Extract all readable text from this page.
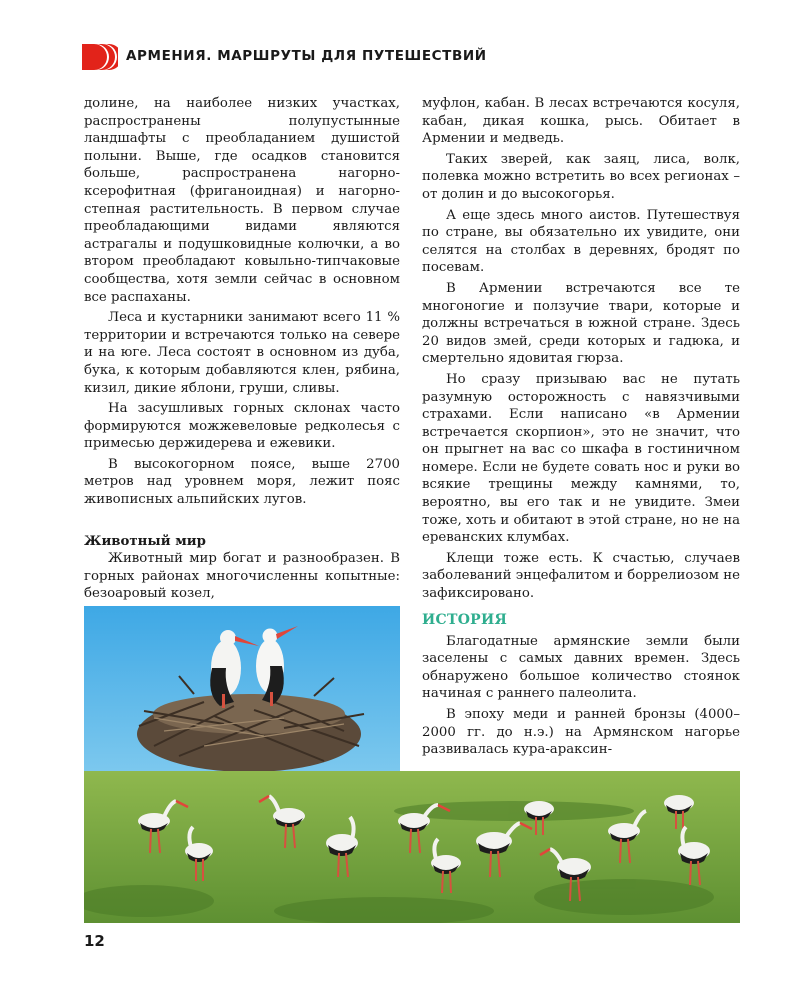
АРМЕНИЯ. МАРШРУТЫ ДЛЯ ПУТЕШЕСТВИЙ

долине, на наиболее низких участках, распространены полупустынные ландшафты с преобладанием душистой полыни. Выше, где осадков становится больше, распространена нагорно-ксерофитная (фриганоидная) и нагорно-степная растительность. В первом случае преобладающими видами являются астрагалы и подушковидные колючки, а во втором преобладают ковыльно-типчаковые сообщества, хотя земли сейчас в основном все распаханы.

Леса и кустарники занимают всего 11 % территории и встречаются только на севере и на юге. Леса состоят в основном из дуба, бука, к которым добавляются клен, рябина, кизил, дикие яблони, груши, сливы.

На засушливых горных склонах часто формируются можжевеловые редколесья с примесью держидерева и ежевики.

В высокогорном поясе, выше 2700 метров над уровнем моря, лежит пояс живописных альпийских лугов.

Животный мир

Животный мир богат и разнообразен. В горных районах многочисленны копытные: безоаровый козел,

муфлон, кабан. В лесах встречаются косуля, кабан, дикая кошка, рысь. Обитает в Армении и медведь.

Таких зверей, как заяц, лиса, волк, полевка можно встретить во всех регионах – от долин и до высокогорья.

А еще здесь много аистов. Путешествуя по стране, вы обязательно их увидите, они селятся на столбах в деревнях, бродят по посевам.

В Армении встречаются все те многоногие и ползучие твари, которые и должны встречаться в южной стране. Здесь 20 видов змей, среди которых и гадюка, и смертельно ядовитая гюрза.

Но сразу призываю вас не путать разумную осторожность с навязчивыми страхами. Если написано «в Армении встречается скорпион», это не значит, что он прыгнет на вас со шкафа в гостиничном номере. Если не будете совать нос и руки во всякие трещины между камнями, то, вероятно, вы его так и не увидите. Змеи тоже, хоть и обитают в этой стране, но не на ереванских клумбах.

Клещи тоже есть. К счастью, случаев заболеваний энцефалитом и боррелиозом не зафиксировано.

ИСТОРИЯ

Благодатные армянские земли были заселены с самых давних времен. Здесь обнаружено большое количество стоянок начиная с раннего палеолита.

В эпоху меди и ранней бронзы (4000–2000 гг. до н.э.) на Армянском нагорье развивалась кура-араксин-

12
